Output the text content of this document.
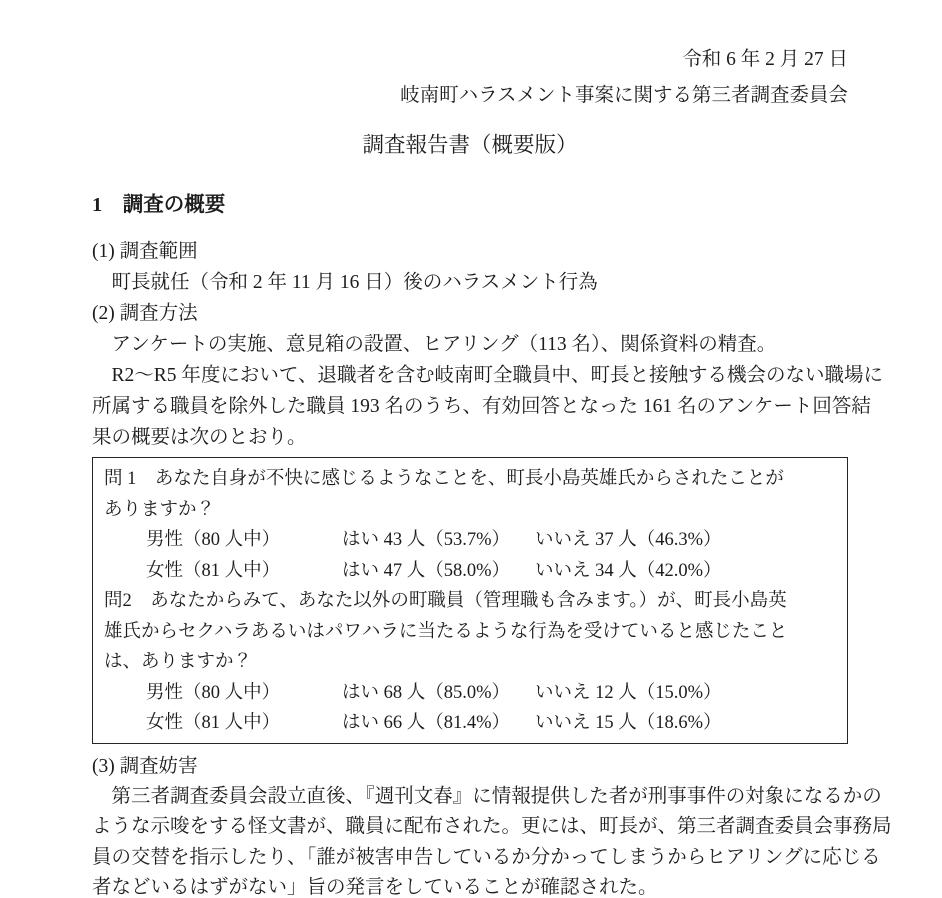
令和 6 年 2 月 27 日
岐南町ハラスメント事案に関する第三者調査委員会
調査報告書（概要版）
1　調査の概要
(1) 調査範囲
　町長就任（令和 2 年 11 月 16 日）後のハラスメント行為
(2) 調査方法
　アンケートの実施、意見箱の設置、ヒアリング（113 名）、関係資料の精査。
　R2～R5 年度において、退職者を含む岐南町全職員中、町長と接触する機会のない職場に
所属する職員を除外した職員 193 名のうち、有効回答となった 161 名のアンケート回答結
果の概要は次のとおり。
問 1　あなた自身が不快に感じるようなことを、町長小島英雄氏からされたことが
ありますか？
男性（80 人中）	はい 43 人（53.7%）	いいえ 37 人（46.3%）
女性（81 人中）	はい 47 人（58.0%）	いいえ 34 人（42.0%）
問2　あなたからみて、あなた以外の町職員（管理職も含みます。）が、町長小島英
雄氏からセクハラあるいはパワハラに当たるような行為を受けていると感じたこと
は、ありますか？
男性（80 人中）	はい 68 人（85.0%）	いいえ 12 人（15.0%）
女性（81 人中）	はい 66 人（81.4%）	いいえ 15 人（18.6%）
(3) 調査妨害
　第三者調査委員会設立直後、『週刊文春』に情報提供した者が刑事事件の対象になるかの
ような示唆をする怪文書が、職員に配布された。更には、町長が、第三者調査委員会事務局
員の交替を指示したり、「誰が被害申告しているか分かってしまうからヒアリングに応じる
者などいるはずがない」旨の発言をしていることが確認された。
